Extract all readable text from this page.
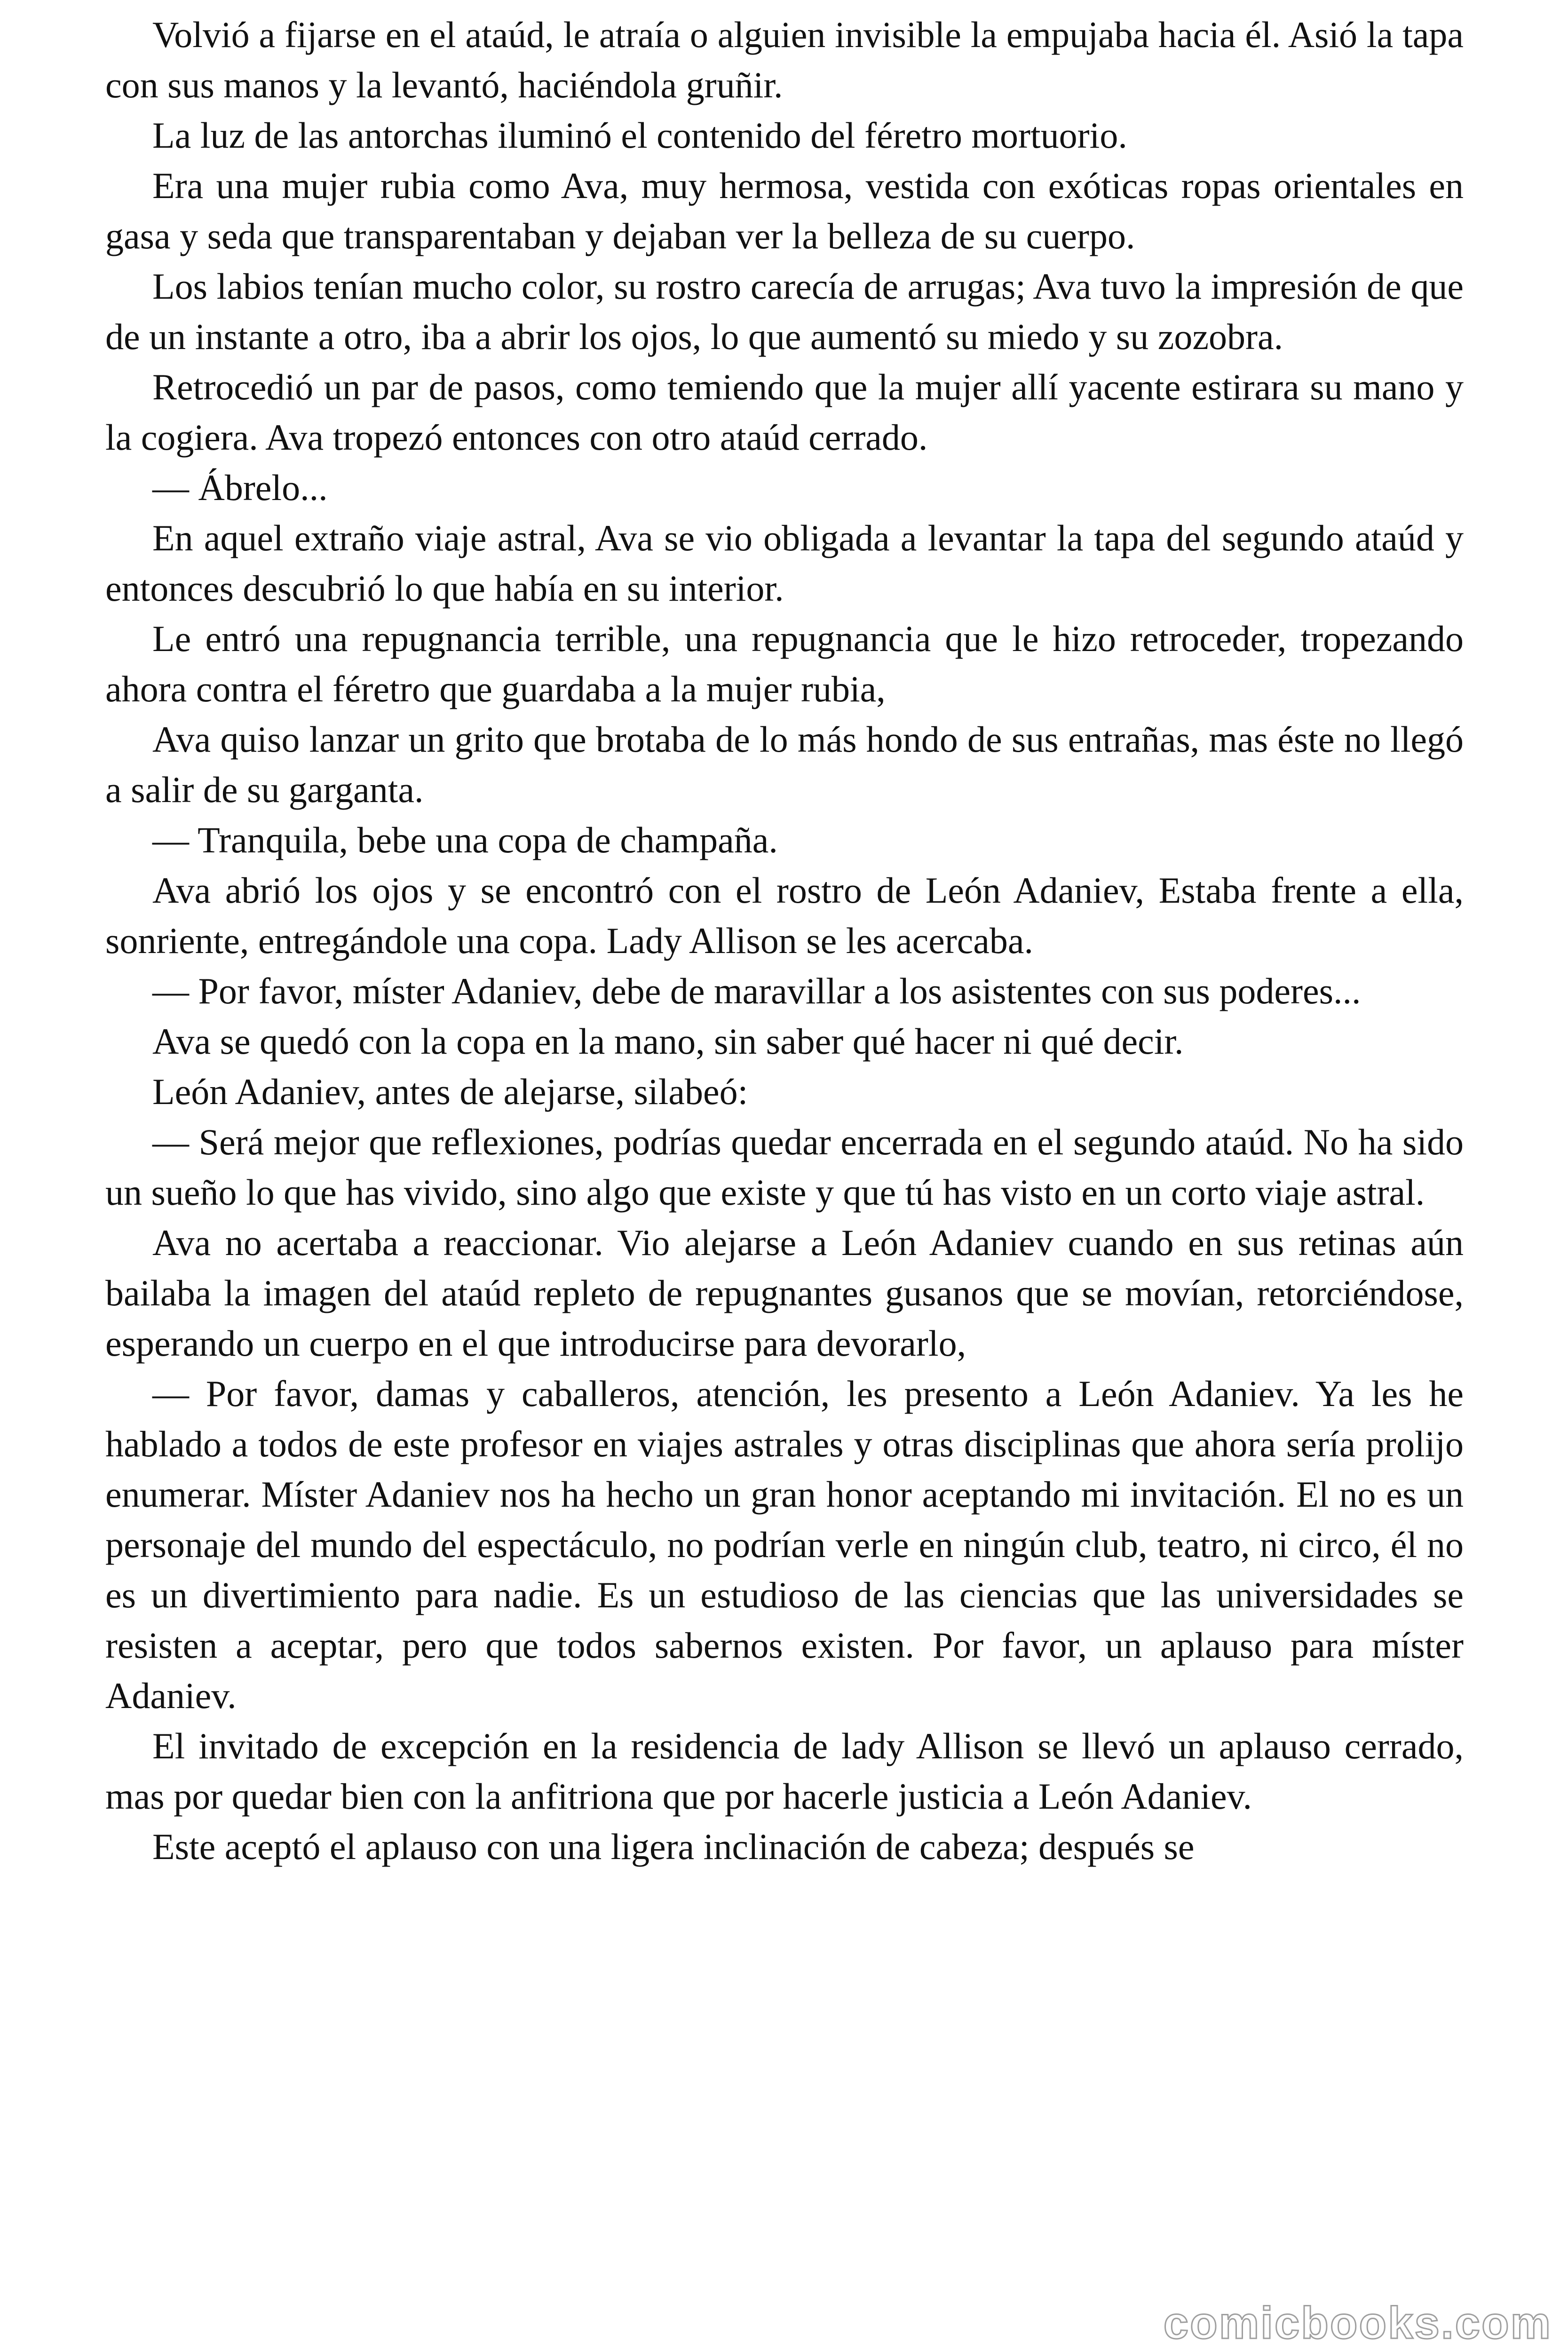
Volvió a fijarse en el ataúd, le atraía o alguien invisible la empujaba hacia él. Asió la tapa con sus manos y la levantó, haciéndola gruñir.

La luz de las antorchas iluminó el contenido del féretro mortuorio.

Era una mujer rubia como Ava, muy hermosa, vestida con exóticas ropas orientales en gasa y seda que transparentaban y dejaban ver la belleza de su cuerpo.

Los labios tenían mucho color, su rostro carecía de arrugas; Ava tuvo la impresión de que de un instante a otro, iba a abrir los ojos, lo que aumentó su miedo y su zozobra.

Retrocedió un par de pasos, como temiendo que la mujer allí yacente estirara su mano y la cogiera. Ava tropezó entonces con otro ataúd cerrado.

— Ábrelo...

En aquel extraño viaje astral, Ava se vio obligada a levantar la tapa del segundo ataúd y entonces descubrió lo que había en su interior.

Le entró una repugnancia terrible, una repugnancia que le hizo retroceder, tropezando ahora contra el féretro que guardaba a la mujer rubia,

Ava quiso lanzar un grito que brotaba de lo más hondo de sus entrañas, mas éste no llegó a salir de su garganta.

— Tranquila, bebe una copa de champaña.

Ava abrió los ojos y se encontró con el rostro de León Adaniev, Estaba frente a ella, sonriente, entregándole una copa. Lady Allison se les acercaba.

— Por favor, míster Adaniev, debe de maravillar a los asistentes con sus poderes...

Ava se quedó con la copa en la mano, sin saber qué hacer ni qué decir.

León Adaniev, antes de alejarse, silabeó:

— Será mejor que reflexiones, podrías quedar encerrada en el segundo ataúd. No ha sido un sueño lo que has vivido, sino algo que existe y que tú has visto en un corto viaje astral.

Ava no acertaba a reaccionar. Vio alejarse a León Adaniev cuando en sus retinas aún bailaba la imagen del ataúd repleto de repugnantes gusanos que se movían, retorciéndose, esperando un cuerpo en el que introducirse para devorarlo,

— Por favor, damas y caballeros, atención, les presento a León Adaniev. Ya les he hablado a todos de este profesor en viajes astrales y otras disciplinas que ahora sería prolijo enumerar. Míster Adaniev nos ha hecho un gran honor aceptando mi invitación. El no es un personaje del mundo del espectáculo, no podrían verle en ningún club, teatro, ni circo, él no es un divertimiento para nadie. Es un estudioso de las ciencias que las universidades se resisten a aceptar, pero que todos sabernos existen. Por favor, un aplauso para míster Adaniev.

El invitado de excepción en la residencia de lady Allison se llevó un aplauso cerrado, mas por quedar bien con la anfitriona que por hacerle justicia a León Adaniev.

Este aceptó el aplauso con una ligera inclinación de cabeza; después se

comicbooks.com
